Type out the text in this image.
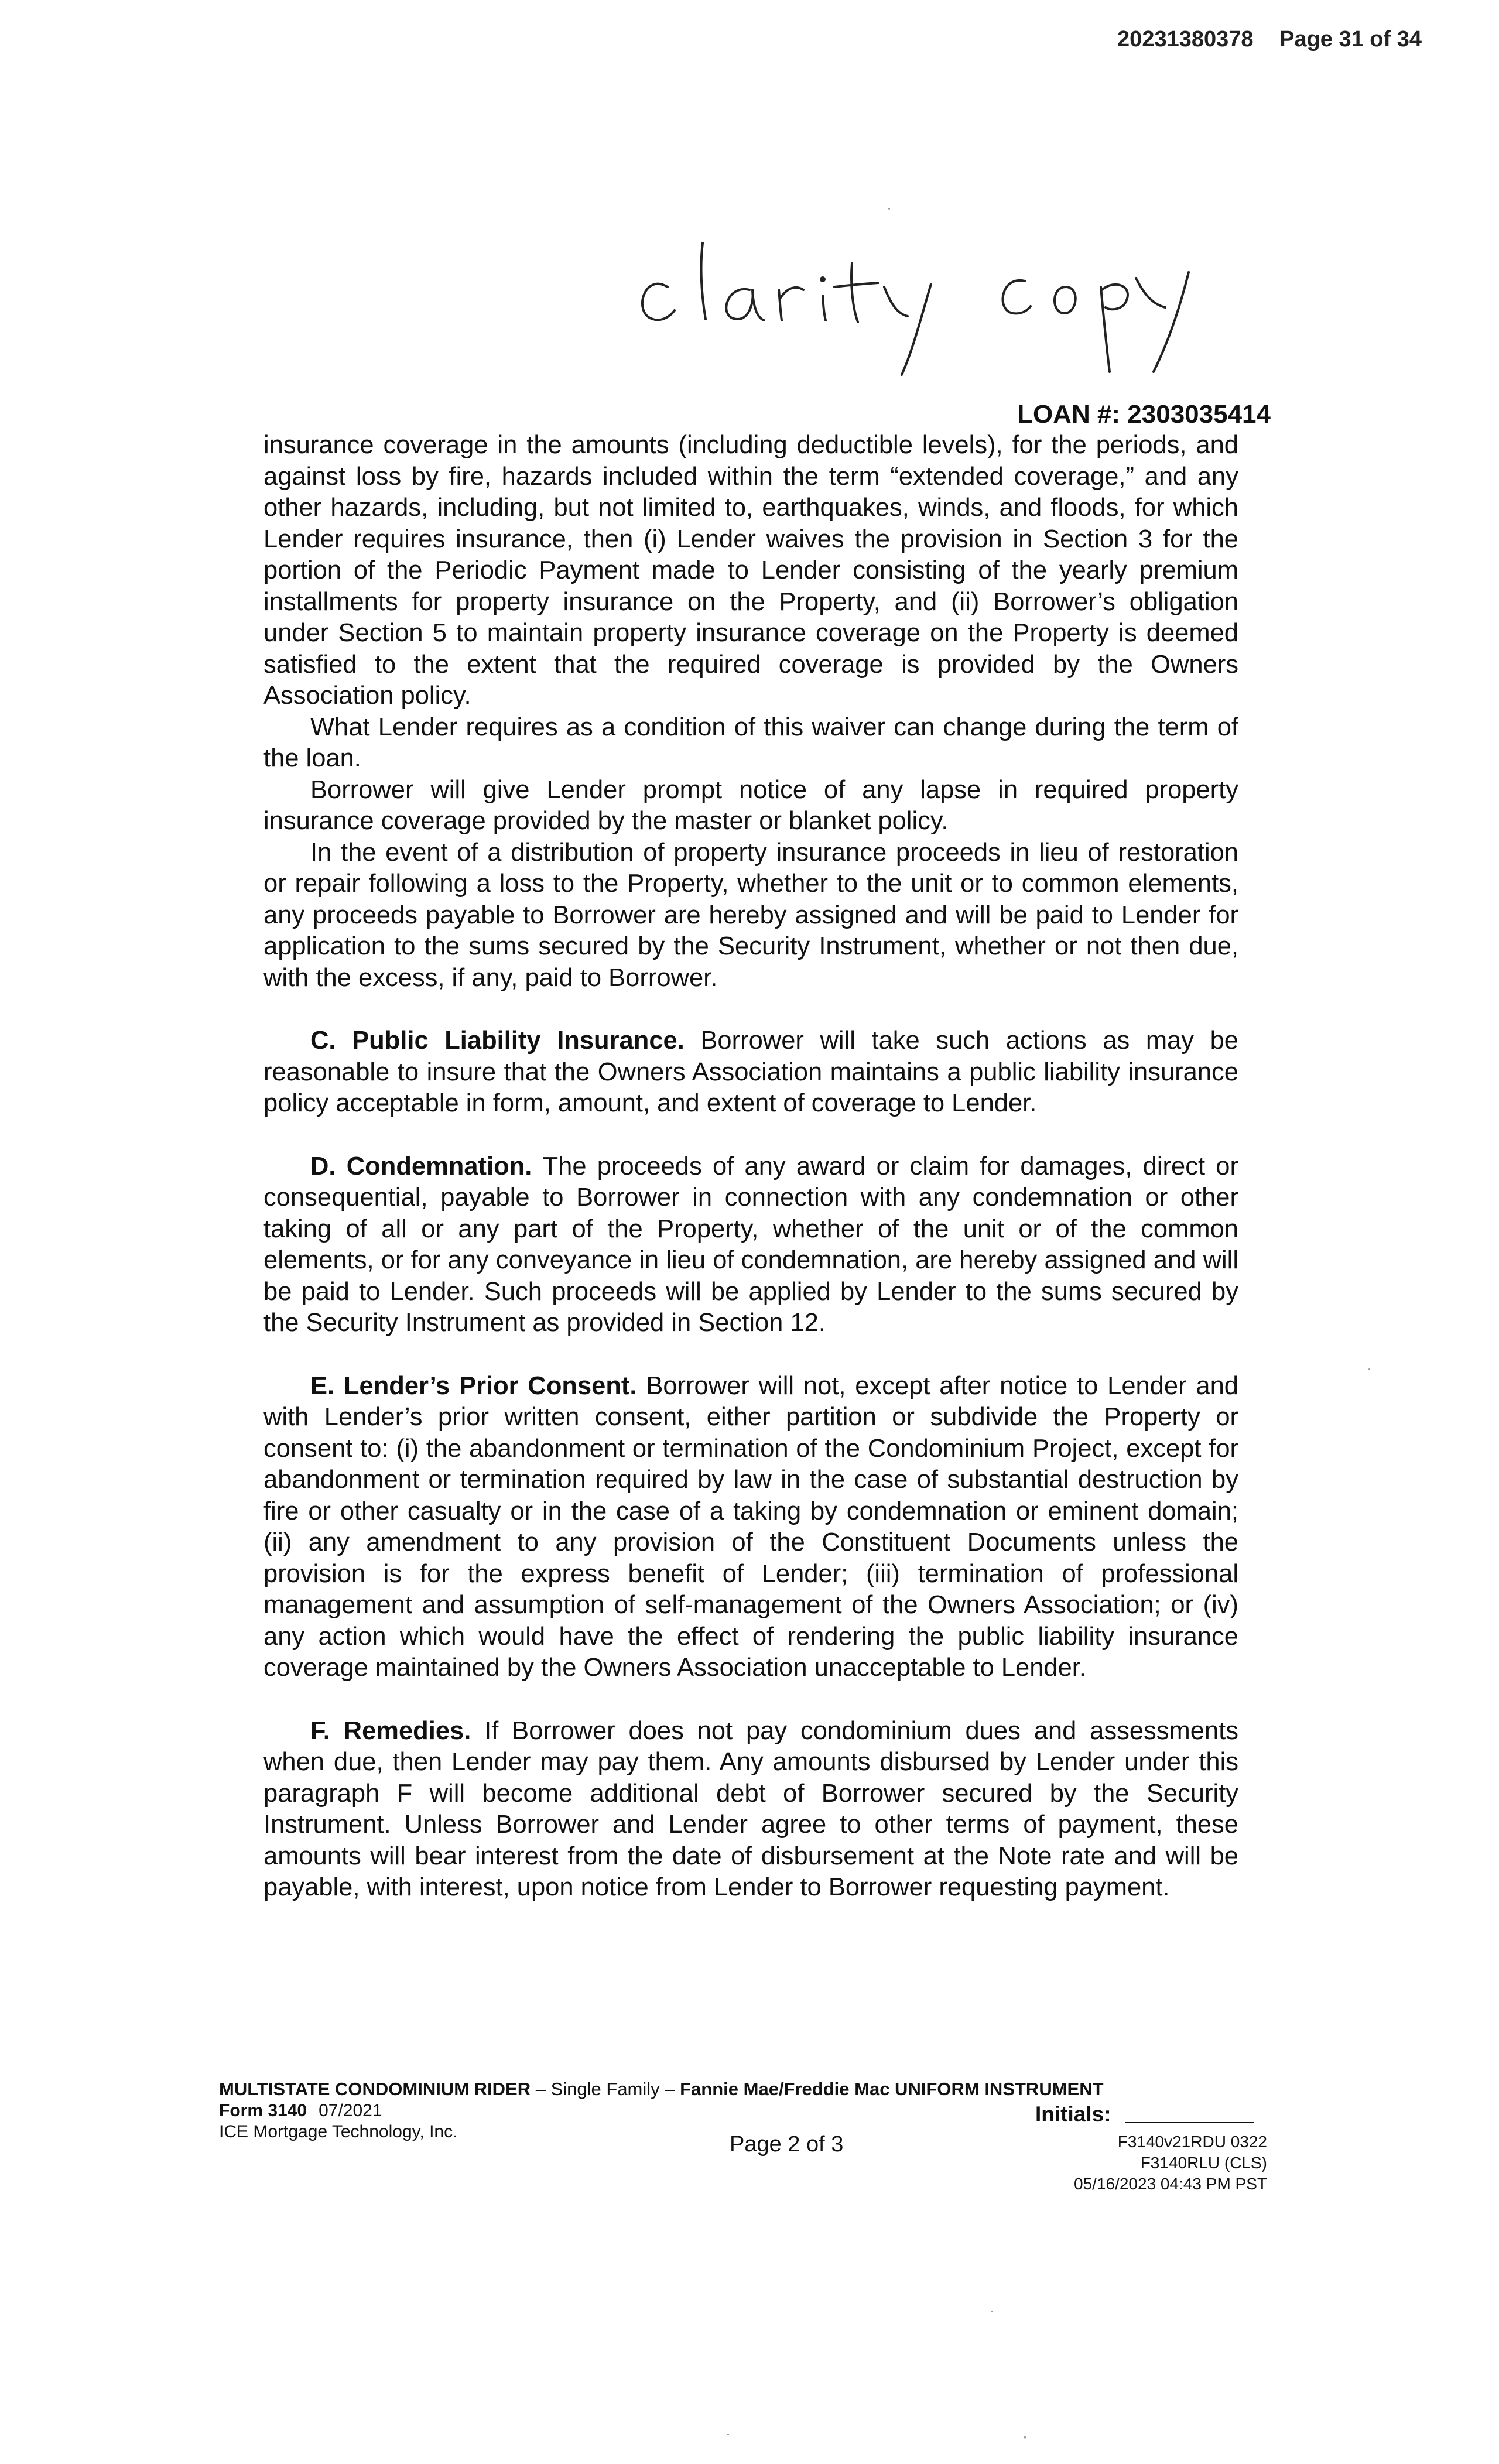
20231380378 Page 31 of 34
LOAN #: 2303035414

insurance coverage in the amounts (including deductible levels), for the periods, and against loss by fire, hazards included within the term “extended coverage,” and any other hazards, including, but not limited to, earthquakes, winds, and floods, for which Lender requires insurance, then (i) Lender waives the provision in Section 3 for the portion of the Periodic Payment made to Lender consisting of the yearly premium installments for property insurance on the Property, and (ii) Borrower’s obligation under Section 5 to maintain property insurance coverage on the Property is deemed satisfied to the extent that the required coverage is provided by the Owners Association policy.

What Lender requires as a condition of this waiver can change during the term of the loan.

Borrower will give Lender prompt notice of any lapse in required property insurance coverage provided by the master or blanket policy.

In the event of a distribution of property insurance proceeds in lieu of restoration or repair following a loss to the Property, whether to the unit or to common elements, any proceeds payable to Borrower are hereby assigned and will be paid to Lender for application to the sums secured by the Security Instrument, whether or not then due, with the excess, if any, paid to Borrower.

C. Public Liability Insurance. Borrower will take such actions as may be reasonable to insure that the Owners Association maintains a public liability insurance policy acceptable in form, amount, and extent of coverage to Lender.

D. Condemnation. The proceeds of any award or claim for damages, direct or consequential, payable to Borrower in connection with any condemnation or other taking of all or any part of the Property, whether of the unit or of the common elements, or for any conveyance in lieu of condemnation, are hereby assigned and will be paid to Lender. Such proceeds will be applied by Lender to the sums secured by the Security Instrument as provided in Section 12.

E. Lender’s Prior Consent. Borrower will not, except after notice to Lender and with Lender’s prior written consent, either partition or subdivide the Property or consent to: (i) the abandonment or termination of the Condominium Project, except for abandonment or termination required by law in the case of substantial destruction by fire or other casualty or in the case of a taking by condemnation or eminent domain; (ii) any amendment to any provision of the Constituent Documents unless the provision is for the express benefit of Lender; (iii) termination of professional management and assumption of self-management of the Owners Association; or (iv) any action which would have the effect of rendering the public liability insurance coverage maintained by the Owners Association unacceptable to Lender.

F. Remedies. If Borrower does not pay condominium dues and assessments when due, then Lender may pay them. Any amounts disbursed by Lender under this paragraph F will become additional debt of Borrower secured by the Security Instrument. Unless Borrower and Lender agree to other terms of payment, these amounts will bear interest from the date of disbursement at the Note rate and will be payable, with interest, upon notice from Lender to Borrower requesting payment.

MULTISTATE CONDOMINIUM RIDER – Single Family – Fannie Mae/Freddie Mac UNIFORM INSTRUMENT
Form 3140 07/2021
ICE Mortgage Technology, Inc.
Page 2 of 3
Initials:
F3140v21RDU 0322
F3140RLU (CLS)
05/16/2023 04:43 PM PST
